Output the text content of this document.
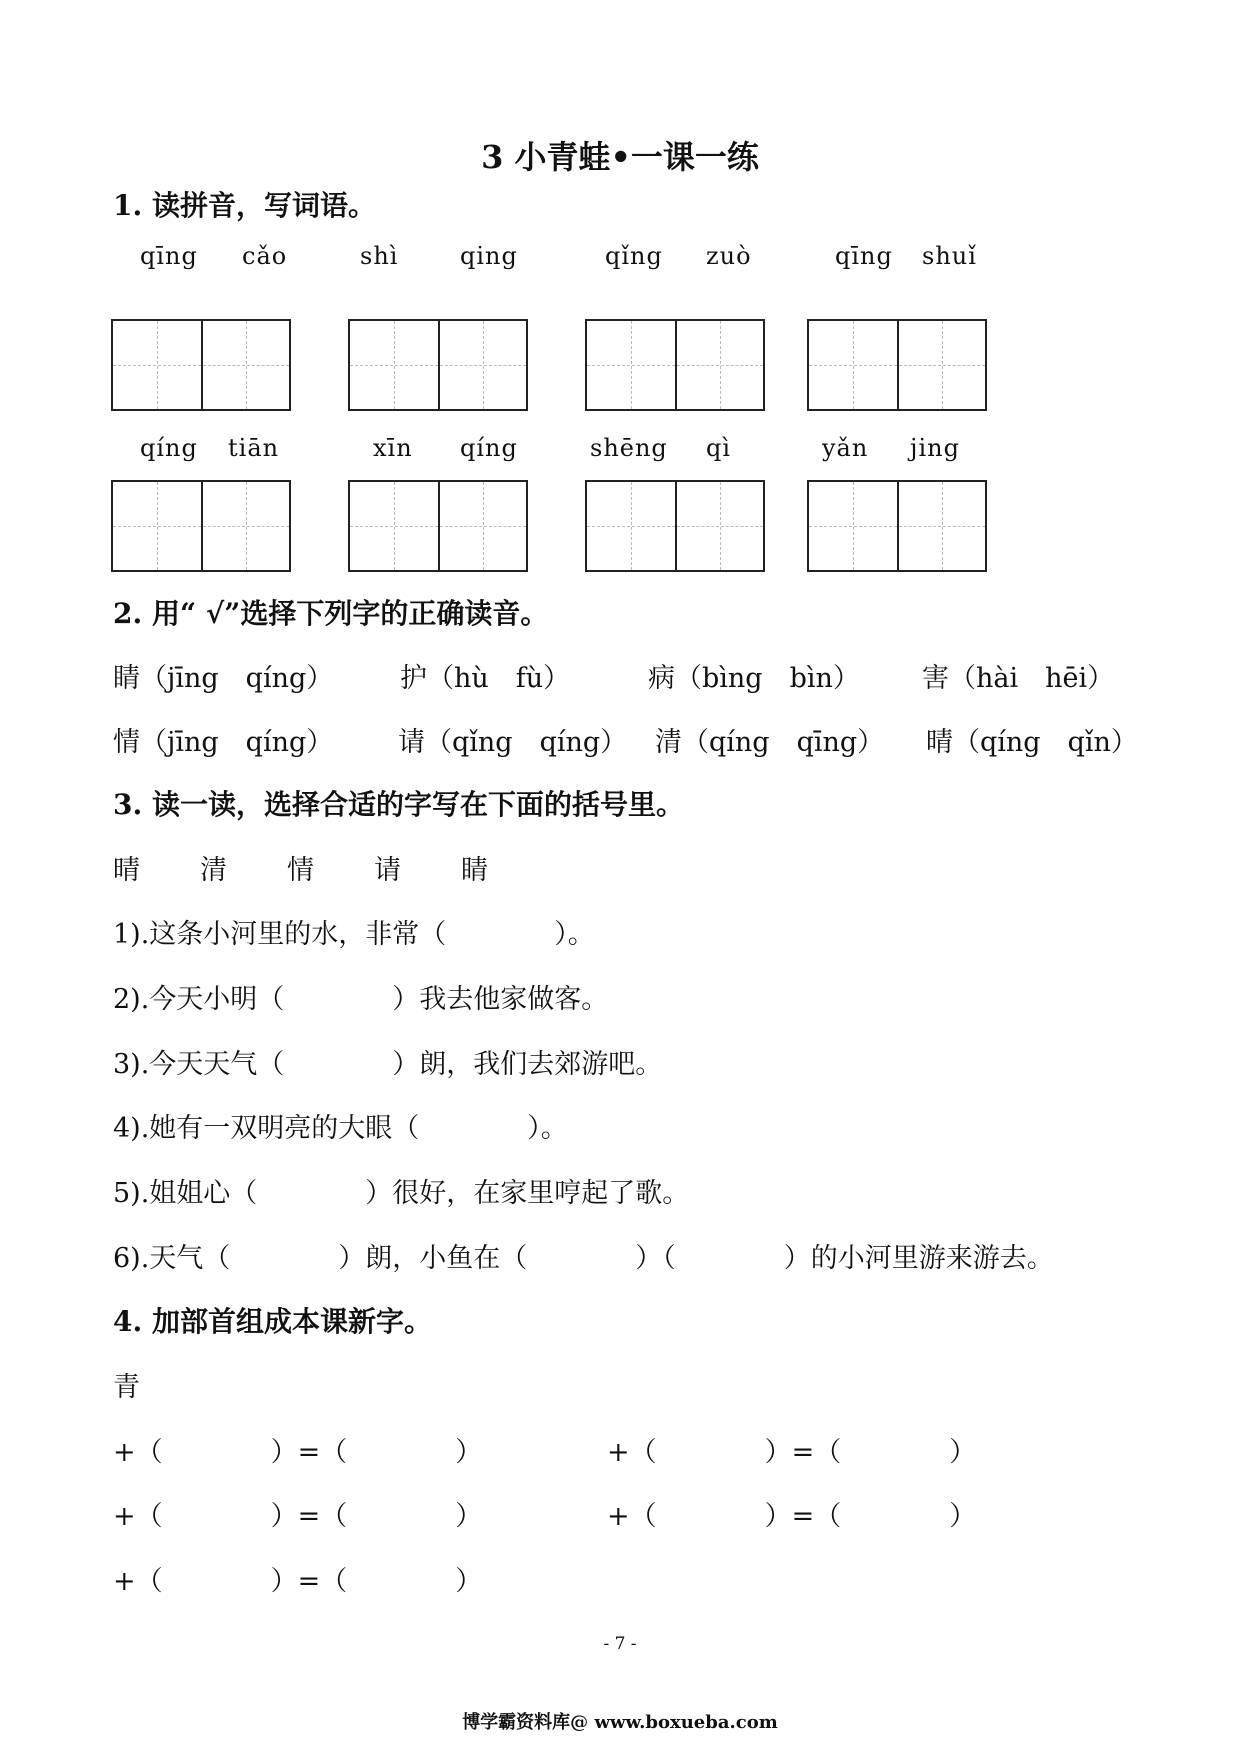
3 小青蛙•一课一练
1. 读拼音，写词语。
qīng cǎo	shì	qing	qǐng zuò	qīng shuǐ
qíng tiān	xīn qíng	shēng qì	yǎn jing
2. 用“ √”选择下列字的正确读音。
睛（jīng　qíng） 护（hù　fù）	病（bìng　bìn） 害（hài　hēi）
情（jīng　qíng） 请（qǐng　qíng） 清（qíng　qīng） 晴（qíng　qǐn）
3. 读一读，选择合适的字写在下面的括号里。
晴 清 情 请 睛
1).这条小河里的水，非常（　　　　）。
2).今天小明（　　　　）我去他家做客。
3).今天天气（　　　　）朗，我们去郊游吧。
4).她有一双明亮的大眼（　　　　）。
5).姐姐心（　　　　）很好，在家里哼起了歌。
6).天气（　　　　）朗，小鱼在（　　　　）（　　　　）的小河里游来游去。
4. 加部首组成本课新字。
青
+（　　　　）=（　　　　）	+（　　　　）=（　　　　）
+（　　　　）=（　　　　）	+（　　　　）=（　　　　）
+（　　　　）=（　　　　）
- 7 -
博学霸资料库@ www.boxueba.com
